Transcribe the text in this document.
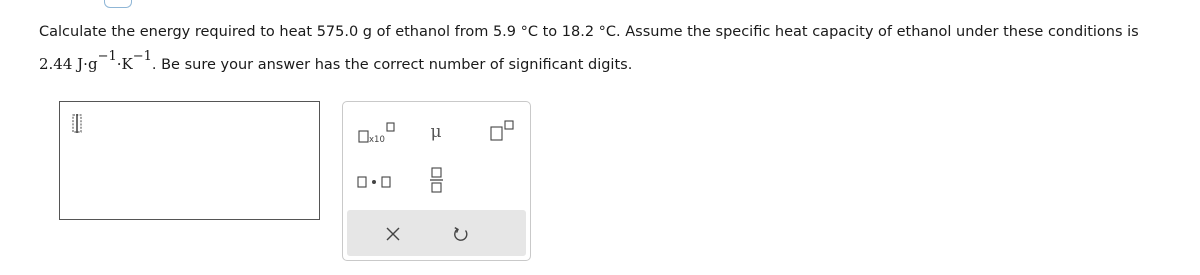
Calculate the energy required to heat 575.0 g of ethanol from 5.9 °C to 18.2 °C. Assume the specific heat capacity of ethanol under these conditions is
2.44 J·g−1·K−1. Be sure your answer has the correct number of significant digits.
x10	μ
